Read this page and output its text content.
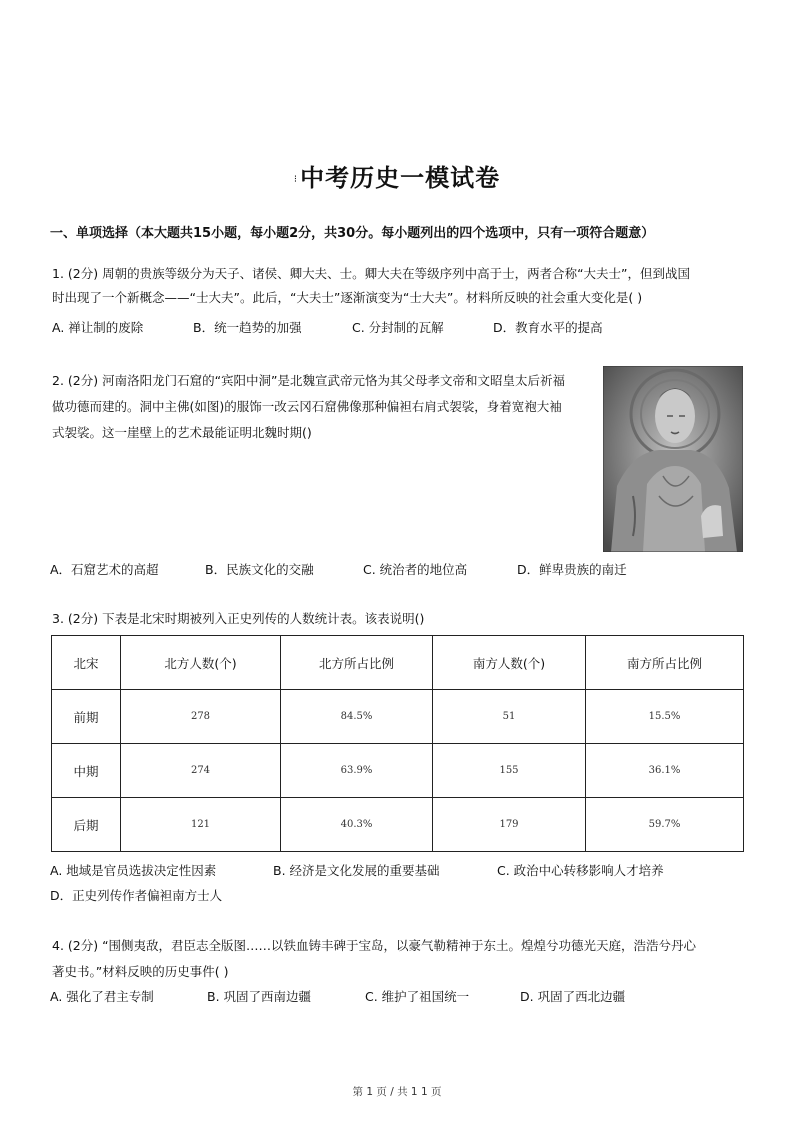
⁝中考历史一模试卷
一、单项选择（本大题共15小题，每小题2分，共30分。每小题列出的四个选项中，只有一项符合题意）
1. (2分) 周朝的贵族等级分为天子、诸侯、卿大夫、士。卿大夫在等级序列中高于士，两者合称“大夫士”，但到战国
时出现了一个新概念——“士大夫”。此后，“大夫士”逐渐演变为“士大夫”。材料所反映的社会重大变化是( )
A. 禅让制的废除	B．统一趋势的加强	C. 分封制的瓦解	D．教育水平的提高
2. (2分) 河南洛阳龙门石窟的“宾阳中洞”是北魏宣武帝元恪为其父母孝文帝和文昭皇太后祈福
做功德而建的。洞中主佛(如图)的服饰一改云冈石窟佛像那种偏袒右肩式袈裟，身着宽袍大袖
式袈裟。这一崖壁上的艺术最能证明北魏时期()
A．石窟艺术的高超	B．民族文化的交融	C. 统治者的地位高	D．鲜卑贵族的南迁
3. (2分) 下表是北宋时期被列入正史列传的人数统计表。该表说明()
北宋	北方人数(个)	北方所占比例	南方人数(个)	南方所占比例
前期	278	84.5%	51	15.5%
中期	274	63.9%	155	36.1%
后期	121	40.3%	179	59.7%
A. 地域是官员选拔决定性因素	B. 经济是文化发展的重要基础	C. 政治中心转移影响人才培养
D．正史列传作者偏袒南方士人
4. (2分) “围侧夷敌，君臣志全版图……以铁血铸丰碑于宝岛，以豪气勒精神于东土。煌煌兮功德光天庭，浩浩兮丹心
著史书。”材料反映的历史事件( )
A. 强化了君主专制	B. 巩固了西南边疆	C. 维护了祖国统一	D. 巩固了西北边疆
第 1 页 / 共 1 1 页
